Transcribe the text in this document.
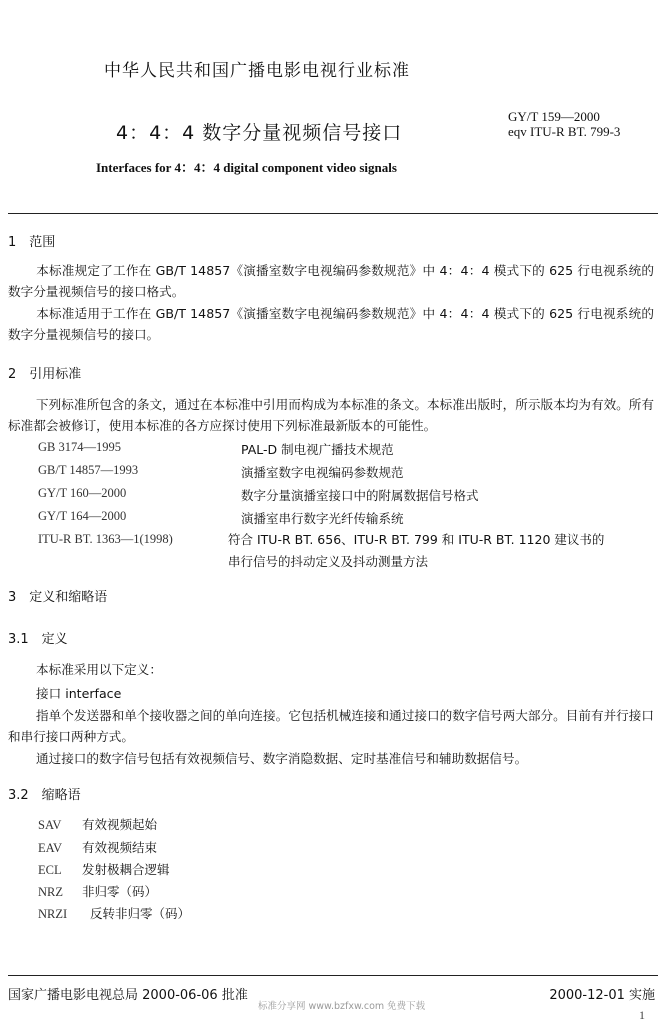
中华人民共和国广播电影电视行业标准
4：4：4 数字分量视频信号接口
GY/T 159—2000
eqv ITU-R BT. 799-3
Interfaces for 4：4：4 digital component video signals
1　范围
本标准规定了工作在 GB/T 14857《演播室数字电视编码参数规范》中 4：4：4 模式下的 625 行电视系统的数字分量视频信号的接口格式。
本标准适用于工作在 GB/T 14857《演播室数字电视编码参数规范》中 4：4：4 模式下的 625 行电视系统的数字分量视频信号的接口。
2　引用标准
下列标准所包含的条文，通过在本标准中引用而构成为本标准的条文。本标准出版时，所示版本均为有效。所有标准都会被修订，使用本标准的各方应探讨使用下列标准最新版本的可能性。
GB 3174—1995	PAL-D 制电视广播技术规范
GB/T 14857—1993	演播室数字电视编码参数规范
GY/T 160—2000	数字分量演播室接口中的附属数据信号格式
GY/T 164—2000	演播室串行数字光纤传输系统
ITU-R BT. 1363—1(1998)	符合 ITU-R BT. 656、ITU-R BT. 799 和 ITU-R BT. 1120 建议书的
串行信号的抖动定义及抖动测量方法
3　定义和缩略语
3.1　定义
本标准采用以下定义：
接口 interface
指单个发送器和单个接收器之间的单向连接。它包括机械连接和通过接口的数字信号两大部分。目前有并行接口和串行接口两种方式。
通过接口的数字信号包括有效视频信号、数字消隐数据、定时基准信号和辅助数据信号。
3.2　缩略语
SAV 有效视频起始
EAV 有效视频结束
ECL 发射极耦合逻辑
NRZ 非归零（码）
NRZI 反转非归零（码）
国家广播电影电视总局 2000-06-06 批准	2000-12-01 实施
标准分享网 www.bzfxw.com 免费下载
1
